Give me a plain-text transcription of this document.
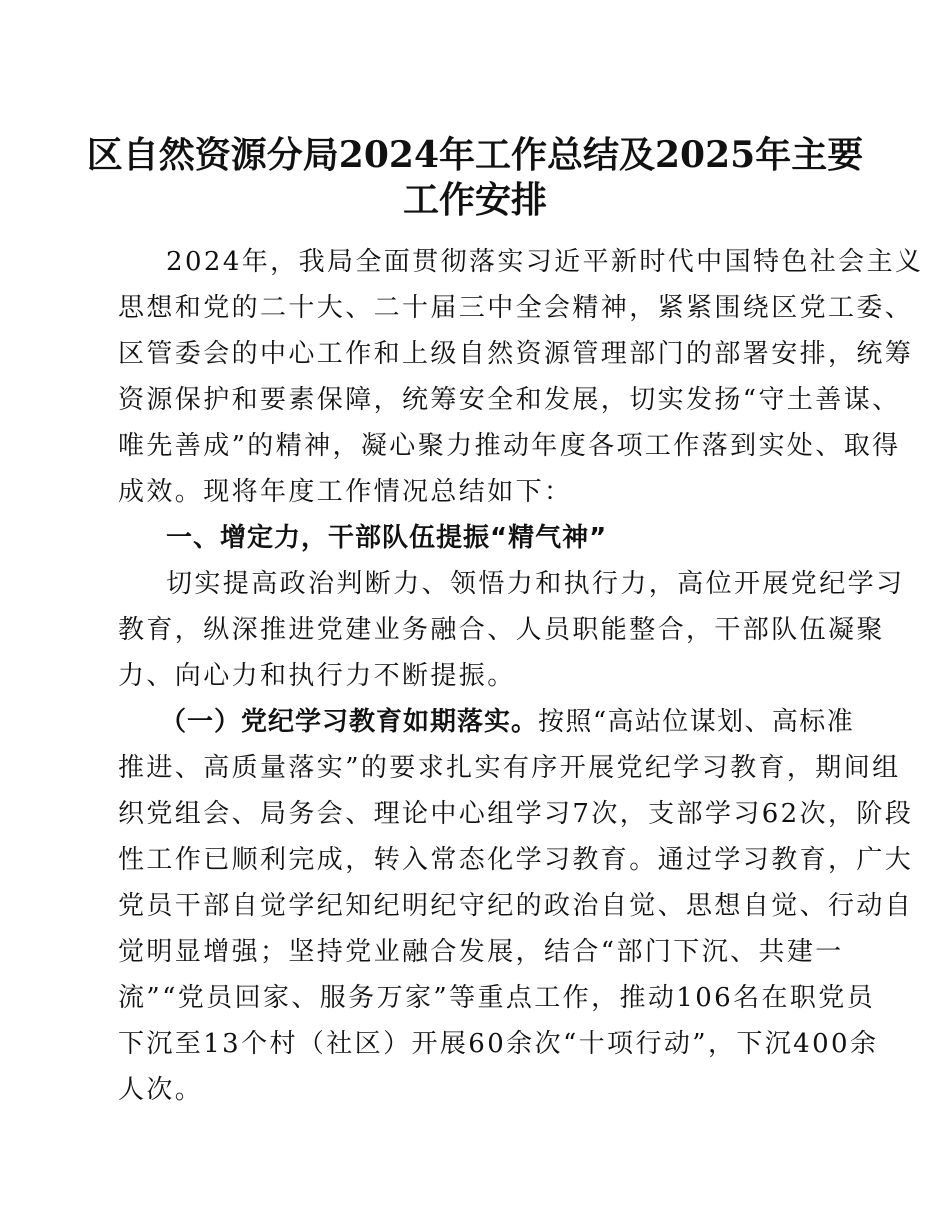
区自然资源分局2024年工作总结及2025年主要
工作安排
2024年，我局全面贯彻落实习近平新时代中国特色社会主义
思想和党的二十大、二十届三中全会精神，紧紧围绕区党工委、
区管委会的中心工作和上级自然资源管理部门的部署安排，统筹
资源保护和要素保障，统筹安全和发展，切实发扬“守土善谋、
唯先善成”的精神，凝心聚力推动年度各项工作落到实处、取得
成效。现将年度工作情况总结如下：
一、增定力，干部队伍提振“精气神”
切实提高政治判断力、领悟力和执行力，高位开展党纪学习
教育，纵深推进党建业务融合、人员职能整合，干部队伍凝聚
力、向心力和执行力不断提振。
（一）党纪学习教育如期落实。按照“高站位谋划、高标准
推进、高质量落实”的要求扎实有序开展党纪学习教育，期间组
织党组会、局务会、理论中心组学习7次，支部学习62次，阶段
性工作已顺利完成，转入常态化学习教育。通过学习教育，广大
党员干部自觉学纪知纪明纪守纪的政治自觉、思想自觉、行动自
觉明显增强；坚持党业融合发展，结合“部门下沉、共建一
流”“党员回家、服务万家”等重点工作，推动106名在职党员
下沉至13个村（社区）开展60余次“十项行动”，下沉400余
人次。
